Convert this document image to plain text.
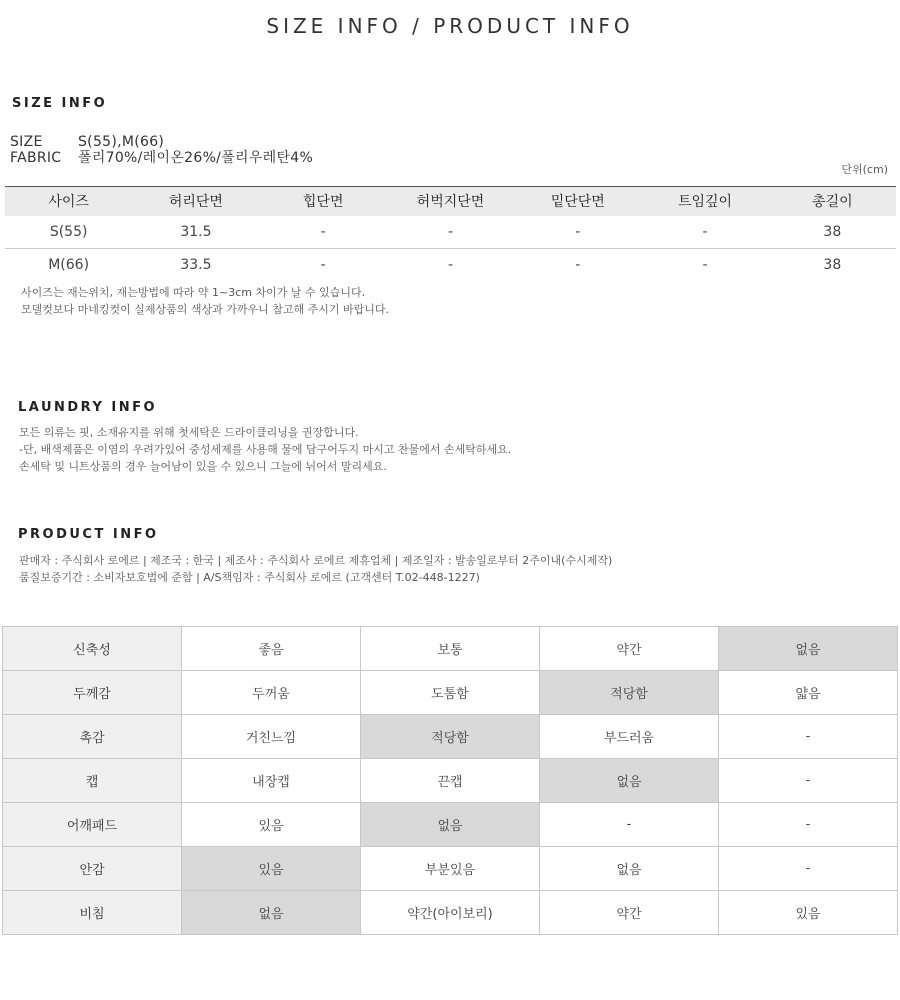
SIZE INFO / PRODUCT INFO
SIZE INFO
SIZE	S(55),M(66)
FABRIC	폴리70%/레이온26%/폴리우레탄4%
단위(cm)
사이즈	허리단면	힙단면	허벅지단면	밑단단면	트임깊이	총길이
S(55)	31.5	-	-	-	-	38
M(66)	33.5	-	-	-	-	38
사이즈는 재는위치, 재는방법에 따라 약 1~3cm 차이가 날 수 있습니다.
모델컷보다 마네킹컷이 실제상품의 색상과 가까우니 참고해 주시기 바랍니다.
LAUNDRY INFO
모든 의류는 핏, 소재유지를 위해 첫세탁은 드라이클리닝을 권장합니다.
-단, 배색제품은 이염의 우려가있어 중성세제를 사용해 물에 담구어두지 마시고 찬물에서 손세탁하세요.
손세탁 및 니트상품의 경우 늘어남이 있을 수 있으니 그늘에 뉘어서 말리세요.
PRODUCT INFO
판매자 : 주식회사 로에르 | 제조국 : 한국 | 제조사 : 주식회사 로에르 제휴업체 | 제조일자 : 발송일로부터 2주이내(수시제작)
품질보증기간 : 소비자보호법에 준함 | A/S책임자 : 주식회사 로에르 (고객센터 T.02-448-1227)
신축성	좋음	보통	약간	없음
두께감	두꺼움	도톰함	적당함	얇음
촉감	거친느낌	적당함	부드러움	-
캡	내장캡	끈캡	없음	-
어깨패드	있음	없음	-	-
안감	있음	부분있음	없음	-
비침	없음	약간(아이보리)	약간	있음
